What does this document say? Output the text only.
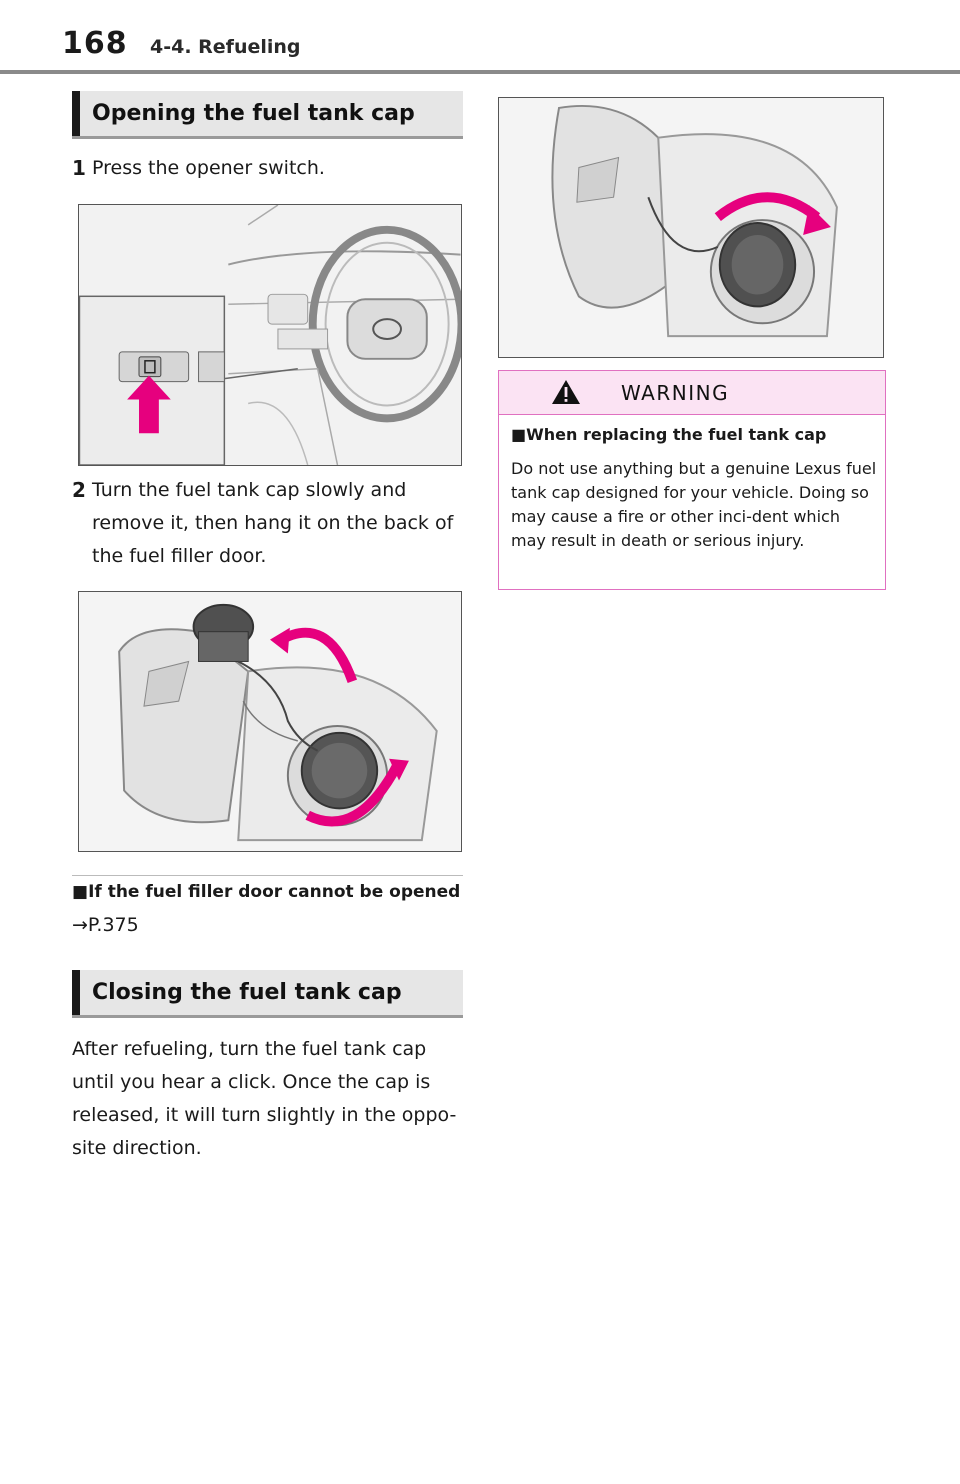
168 4-4. Refueling
Opening the fuel tank cap
1 Press the opener switch.
2 Turn the fuel tank cap slowly and remove it, then hang it on the back of the fuel filler door.
■If the fuel filler door cannot be opened
→P.375
Closing the fuel tank cap
After refueling, turn the fuel tank cap until you hear a click. Once the cap is released, it will turn slightly in the oppo-site direction.
WARNING
■When replacing the fuel tank cap
Do not use anything but a genuine Lexus fuel tank cap designed for your vehicle. Doing so may cause a fire or other inci-dent which may result in death or serious injury.
